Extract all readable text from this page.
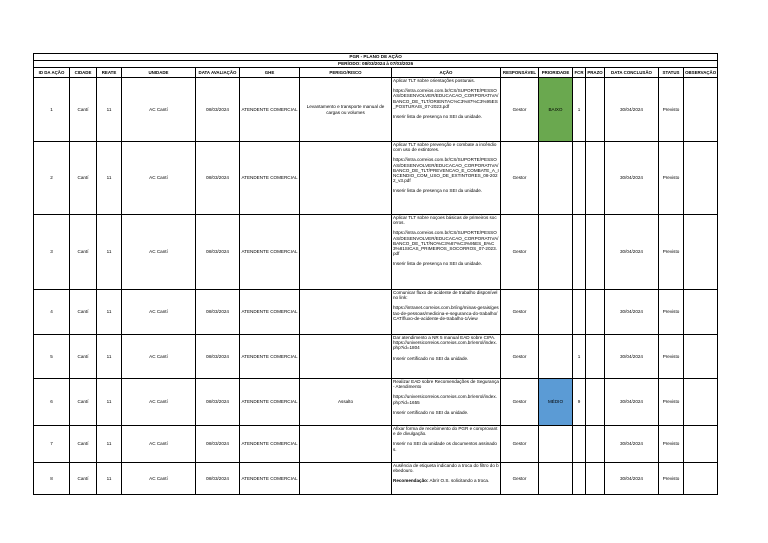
PGR - PLANO DE AÇÃO														
PERÍODO: 08/03/2024 à 07/03/2026														
ID DA AÇÃO	CIDADE	REATE	UNIDADE	DATA AVALIAÇÃO	GHE	PERIGO/RISCO	AÇÃO	RESPONSÁVEL	PRIORIDADE	FCR	PRAZO	DATA CONCLUSÃO	STATUS	OBSERVAÇÃO
1	Cantí	11	AC Cantí	08/03/2024	ATENDENTE COMERCIAL	Levantamento e transporte manual de cargas ou volumes	Aplicar TLT sobre orientações posturais.
https://intra.correios.com.br/CS/SUPORTE/PESSOAS/DESENVOLVER/EDUCACAO_CORPORATIVA/BANCO_DE_TLT/ORIENTAC%C3%87%C3%95ES_POSTURAIS_07-2023.pdf
Inserir lista de presença no SEI da unidade.	Gestor	BAIXO	1		30/04/2024	Previsto	
2	Cantí	11	AC Cantí	08/03/2024	ATENDENTE COMERCIAL		Aplicar TLT sobre prevenção e combate a incêndio com uso de extintores.
https://intra.correios.com.br/CS/SUPORTE/PESSOAS/DESENVOLVER/EDUCACAO_CORPORATIVA/BANCO_DE_TLT/PREVENCAO_E_COMBATE_A_INCENDIO_COM_USO_DE_EXTINTORES_08-2022_v3.pdf
Inserir lista de presença no SEI da unidade.	Gestor				30/04/2024	Previsto	
3	Cantí	11	AC Cantí	08/03/2024	ATENDENTE COMERCIAL		Aplicar TLT sobre noçoes básicas de primeiros socorros.
https://intra.correios.com.br/CS/SUPORTE/PESSOAS/DESENVOLVER/EDUCACAO_CORPORATIVA/BANCO_DE_TLT/NO%C3%87%C3%95ES_B%C3%81SICAS_PRIMEIROS_SOCORROS_07-2023.pdf
Inserir lista de presença no SEI da unidade.	Gestor				30/04/2024	Previsto	
4	Cantí	11	AC Cantí	08/03/2024	ATENDENTE COMERCIAL		Comunicar fluxo de acidente de trabalho disponível no link:
https://intranet.correios.com.br/ing/minas-gerais/gestao-de-pessoas/medicina-e-seguranca-do-trabalho/CAT/fluxo-de-acidente-de-trabalho-1/view	Gestor				30/04/2024	Previsto	
5	Cantí	11	AC Cantí	08/03/2024	ATENDENTE COMERCIAL		Dar atendimento a NR 5 manual EAD sobre CIPA.
https://universicorreios.correios.com.br/enrol/index.php?id=1804
Inserir certificado no SEI da unidade.	Gestor		1		30/04/2024	Previsto	
6	Cantí	11	AC Cantí	08/03/2024	ATENDENTE COMERCIAL	Assalto	Realizar EAD sobre Recomendações de Segurança - Atendimento
https://universicorreios.correios.com.br/enrol/index.php?id=1655
Inserir certificado no SEI da unidade.	Gestor	MÉDIO	9		30/04/2024	Previsto	
7	Cantí	11	AC Cantí	08/03/2024	ATENDENTE COMERCIAL		Afixar forma de recebimento do PGR e comprovante de divulgação.
Inserir no SEI da unidade os documentos assinados.	Gestor				30/04/2024	Previsto	
8	Cantí	11	AC Cantí	08/03/2024	ATENDENTE COMERCIAL		Ausência de etiqueta indicando a troca do filtro do bebedouro.
Recomendação: Abrir O.S. solicitando a troca.	Gestor				30/04/2024	Previsto	
